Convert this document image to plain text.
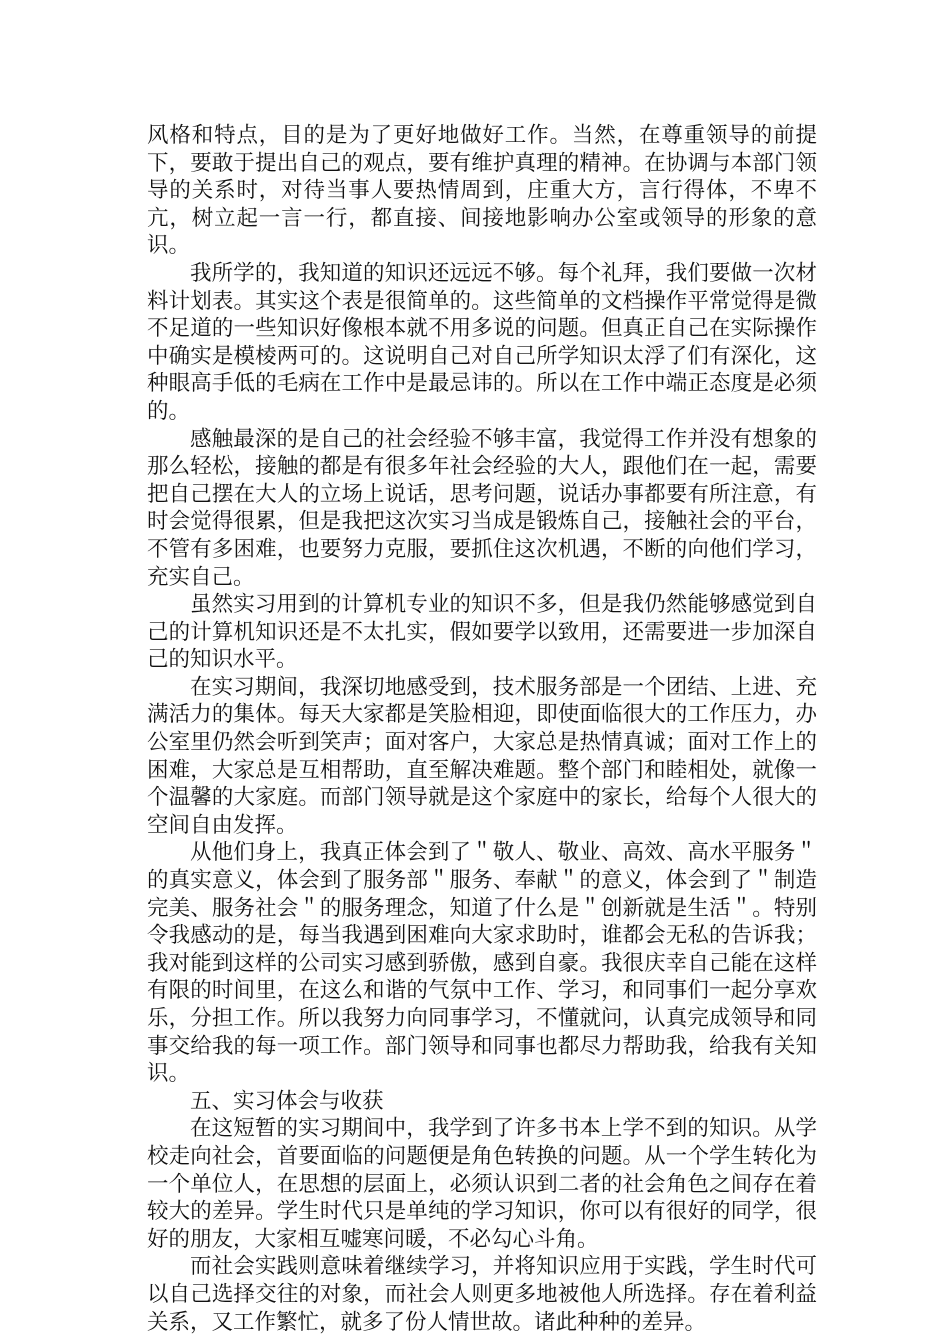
风格和特点，目的是为了更好地做好工作。当然，在尊重领导的前提下，要敢于提出自己的观点，要有维护真理的精神。在协调与本部门领导的关系时，对待当事人要热情周到，庄重大方，言行得体，不卑不亢，树立起一言一行，都直接、间接地影响办公室或领导的形象的意识。

我所学的，我知道的知识还远远不够。每个礼拜，我们要做一次材料计划表。其实这个表是很简单的。这些简单的文档操作平常觉得是微不足道的一些知识好像根本就不用多说的问题。但真正自己在实际操作中确实是模棱两可的。这说明自己对自己所学知识太浮了们有深化，这种眼高手低的毛病在工作中是最忌讳的。所以在工作中端正态度是必须的。

感触最深的是自己的社会经验不够丰富，我觉得工作并没有想象的那么轻松，接触的都是有很多年社会经验的大人，跟他们在一起，需要把自己摆在大人的立场上说话，思考问题，说话办事都要有所注意，有时会觉得很累，但是我把这次实习当成是锻炼自己，接触社会的平台，不管有多困难，也要努力克服，要抓住这次机遇，不断的向他们学习，充实自己。

虽然实习用到的计算机专业的知识不多，但是我仍然能够感觉到自己的计算机知识还是不太扎实，假如要学以致用，还需要进一步加深自己的知识水平。

在实习期间，我深切地感受到，技术服务部是一个团结、上进、充满活力的集体。每天大家都是笑脸相迎，即使面临很大的工作压力，办公室里仍然会听到笑声；面对客户，大家总是热情真诚；面对工作上的困难，大家总是互相帮助，直至解决难题。整个部门和睦相处，就像一个温馨的大家庭。而部门领导就是这个家庭中的家长，给每个人很大的空间自由发挥。

从他们身上，我真正体会到了＂敬人、敬业、高效、高水平服务＂的真实意义，体会到了服务部＂服务、奉献＂的意义，体会到了＂制造完美、服务社会＂的服务理念，知道了什么是＂创新就是生活＂。特别令我感动的是，每当我遇到困难向大家求助时，谁都会无私的告诉我；我对能到这样的公司实习感到骄傲，感到自豪。我很庆幸自己能在这样有限的时间里，在这么和谐的气氛中工作、学习，和同事们一起分享欢乐，分担工作。所以我努力向同事学习，不懂就问，认真完成领导和同事交给我的每一项工作。部门领导和同事也都尽力帮助我，给我有关知识。

五、实习体会与收获

在这短暂的实习期间中，我学到了许多书本上学不到的知识。从学校走向社会，首要面临的问题便是角色转换的问题。从一个学生转化为一个单位人，在思想的层面上，必须认识到二者的社会角色之间存在着较大的差异。学生时代只是单纯的学习知识，你可以有很好的同学，很好的朋友，大家相互嘘寒问暖，不必勾心斗角。

而社会实践则意味着继续学习，并将知识应用于实践，学生时代可以自己选择交往的对象，而社会人则更多地被他人所选择。存在着利益关系，又工作繁忙，就多了份人情世故。诸此种种的差异。
